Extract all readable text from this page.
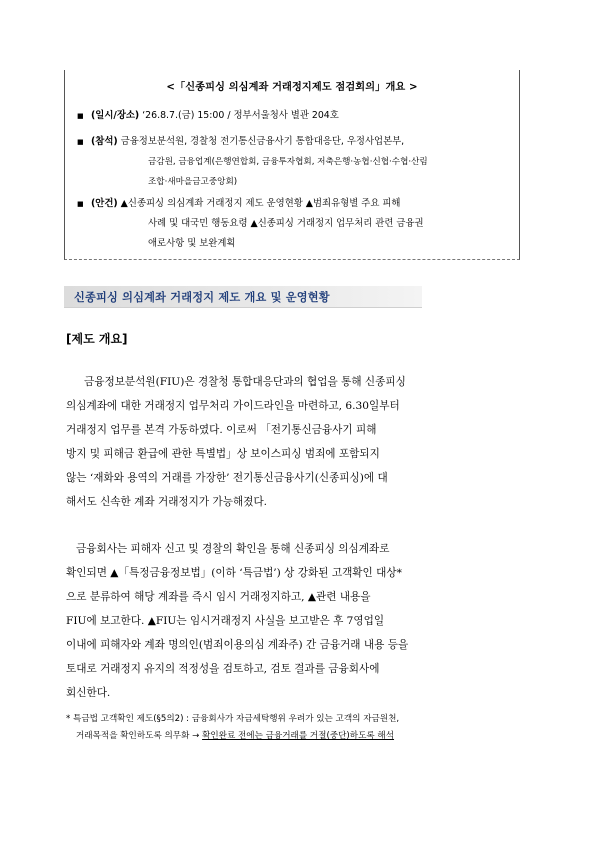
<「신종피싱 의심계좌 거래정지제도 점검회의」개요 >
■ (일시/장소) ‘26.8.7.(금) 15:00 / 정부서울청사 별관 204호
■ (참석) 금융정보분석원, 경찰청 전기통신금융사기 통합대응단, 우정사업본부,
금감원, 금융업계(은행연합회, 금융투자협회, 저축은행·농협·신협·수협·산림
조합·새마을금고중앙회)
■ (안건) ▲신종피싱 의심계좌 거래정지 제도 운영현황 ▲범죄유형별 주요 피해
사례 및 대국민 행동요령 ▲신종피싱 거래정지 업무처리 관련 금융권
애로사항 및 보완계획
신종피싱 의심계좌 거래정지 제도 개요 및 운영현황
[제도 개요]
금융정보분석원(FIU)은 경찰청 통합대응단과의 협업을 통해 신종피싱
의심계좌에 대한 거래정지 업무처리 가이드라인을 마련하고, 6.30일부터
거래정지 업무를 본격 가동하였다. 이로써 「전기통신금융사기 피해
방지 및 피해금 환급에 관한 특별법」상 보이스피싱 범죄에 포함되지
않는 ‘재화와 용역의 거래를 가장한’ 전기통신금융사기(신종피싱)에 대
해서도 신속한 계좌 거래정지가 가능해졌다.
금융회사는 피해자 신고 및 경찰의 확인을 통해 신종피싱 의심계좌로
확인되면 ▲「특정금융정보법」(이하 ‘특금법’) 상 강화된 고객확인 대상*
으로 분류하여 해당 계좌를 즉시 임시 거래정지하고, ▲관련 내용을
FIU에 보고한다. ▲FIU는 임시거래정지 사실을 보고받은 후 7영업일
이내에 피해자와 계좌 명의인(범죄이용의심 계좌주) 간 금융거래 내용 등을
토대로 거래정지 유지의 적정성을 검토하고, 검토 결과를 금융회사에
회신한다.
* 특금법 고객확인 제도(§5의2) : 금융회사가 자금세탁행위 우려가 있는 고객의 자금원천,
거래목적을 확인하도록 의무화 → 확인완료 전에는 금융거래를 거절(중단)하도록 해석
